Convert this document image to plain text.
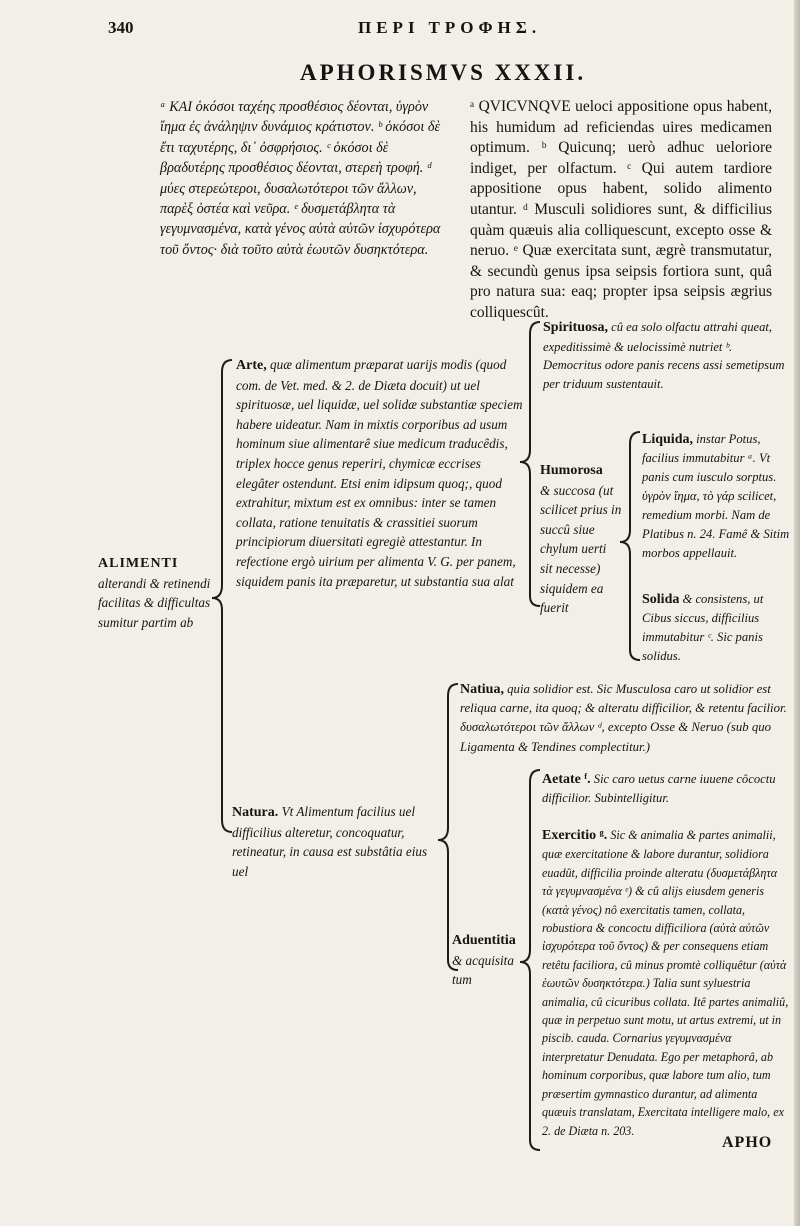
340	ΠΕΡΙ ΤΡΟΦΗΣ.
APHORISMVS XXXII.
ᵃ ΚΑΙ ὁκόσοι ταχέης προσθέσιος δέονται, ὑγρὸν ἴημα ἐς ἀνάληψιν δυνάμιος κράτιστον. ᵇ ὁκόσοι δὲ ἔτι ταχυτέρης, δι᾽ ὀσφρήσιος. ᶜ ὁκόσοι δὲ βραδυτέρης προσθέσιος δέονται, στερεὴ τροφή. ᵈ μύες στερεώτεροι, δυσαλωτότεροι τῶν ἄλλων, παρὲξ ὀστέα καὶ νεῦρα. ᵉ δυσμετάβλητα τὰ γεγυμνασμένα, κατὰ γένος αὐτὰ αὐτῶν ἰσχυρότερα τοῦ ὄντος· διὰ τοῦτο αὐτὰ ἑωυτῶν δυσηκτότερα.
ᵃ QVICVNQVE ueloci appositione opus habent, his humidum ad reficiendas uires medicamen optimum. ᵇ Quicunq; uerò adhuc ueloriore indiget, per olfactum. ᶜ Qui autem tardiore appositione opus habent, solido alimento utantur. ᵈ Musculi solidiores sunt, & difficilius quàm quæuis alia colliquescunt, excepto osse & neruo. ᵉ Quæ exercitata sunt, ægrè transmutatur, & secundù genus ipsa seipsis fortiora sunt, quâ pro natura sua: eaq; propter ipsa seipsis ægrius colliquescût.
ALIMENTI
alterandi & retinendi facilitas & difficultas sumitur partim ab
Arte, quæ alimentum præparat uarijs modis (quod com. de Vet. med. & 2. de Diæta docuit) ut uel spirituosæ, uel liquidæ, uel solidæ substantiæ speciem habere uideatur. Nam in mixtis corporibus ad usum hominum siue alimentarê siue medicum traducêdis, triplex hocce genus reperiri, chymicæ eccrises elegâter ostendunt. Etsi enim idipsum quoq;, quod extrahitur, mixtum est ex omnibus: inter se tamen collata, ratione tenuitatis & crassitiei suorum principiorum diuersitati egregiè attestantur. In refectione ergò uirium per alimenta V. G. per panem, siquidem panis ita præparetur, ut substantia sua alat
Spirituosa, cû ea solo olfactu attrahi queat, expeditissimè & uelocissimè nutriet ᵇ. Democritus odore panis recens assi semetipsum per triduum sustentauit.
Humorosa
& succosa (ut scilicet prius in succû siue chylum uerti sit necesse) siquidem ea fuerit
Liquida, instar Potus, facilius immutabitur ᵃ. Vt panis cum iusculo sorptus. ὑγρὸν ἴημα, τὸ γάρ scilicet, remedium morbi. Nam de Platibus n. 24. Famê & Sitim morbos appellauit.
Solida & consistens, ut Cibus siccus, difficilius immutabitur ᶜ. Sic panis solidus.
Natiua, quia solidior est. Sic Musculosa caro ut solidior est reliqua carne, ita quoq; & alteratu difficilior, & retentu facilior. δυσαλωτότεροι τῶν ἄλλων ᵈ, excepto Osse & Neruo (sub quo Ligamenta & Tendines complectitur.)
Natura. Vt Alimentum facilius uel difficilius alteretur, concoquatur, retineatur, in causa est substâtia eius uel
Aduentitia
& acquisita tum
Aetate ᶠ. Sic caro uetus carne iuuene côcoctu difficilior. Subintelligitur.
Exercitio ᵍ. Sic & animalia & partes animalii, quæ exercitatione & labore durantur, solidiora euadût, difficilia proinde alteratu (δυσμετάβλητα τὰ γεγυμνασμένα ᵉ) & cû alijs eiusdem generis (κατὰ γένος) nô exercitatis tamen, collata, robustiora & concoctu difficiliora (αὐτὰ αὐτῶν ἰσχυρότερα τοῦ ὄντος) & per consequens etiam retêtu faciliora, cû minus promtè colliquêtur (αὐτὰ ἑωυτῶν δυσηκτότερα.) Talia sunt syluestria animalia, cû cicuribus collata. Itê partes animaliû, quæ in perpetuo sunt motu, ut artus extremi, ut in piscib. cauda. Cornarius γεγυμνασμένα interpretatur Denudata. Ego per metaphorâ, ab hominum corporibus, quæ labore tum alio, tum præsertim gymnastico durantur, ad alimenta quæuis translatam, Exercitata intelligere malo, ex 2. de Diæta n. 203.
APHO
